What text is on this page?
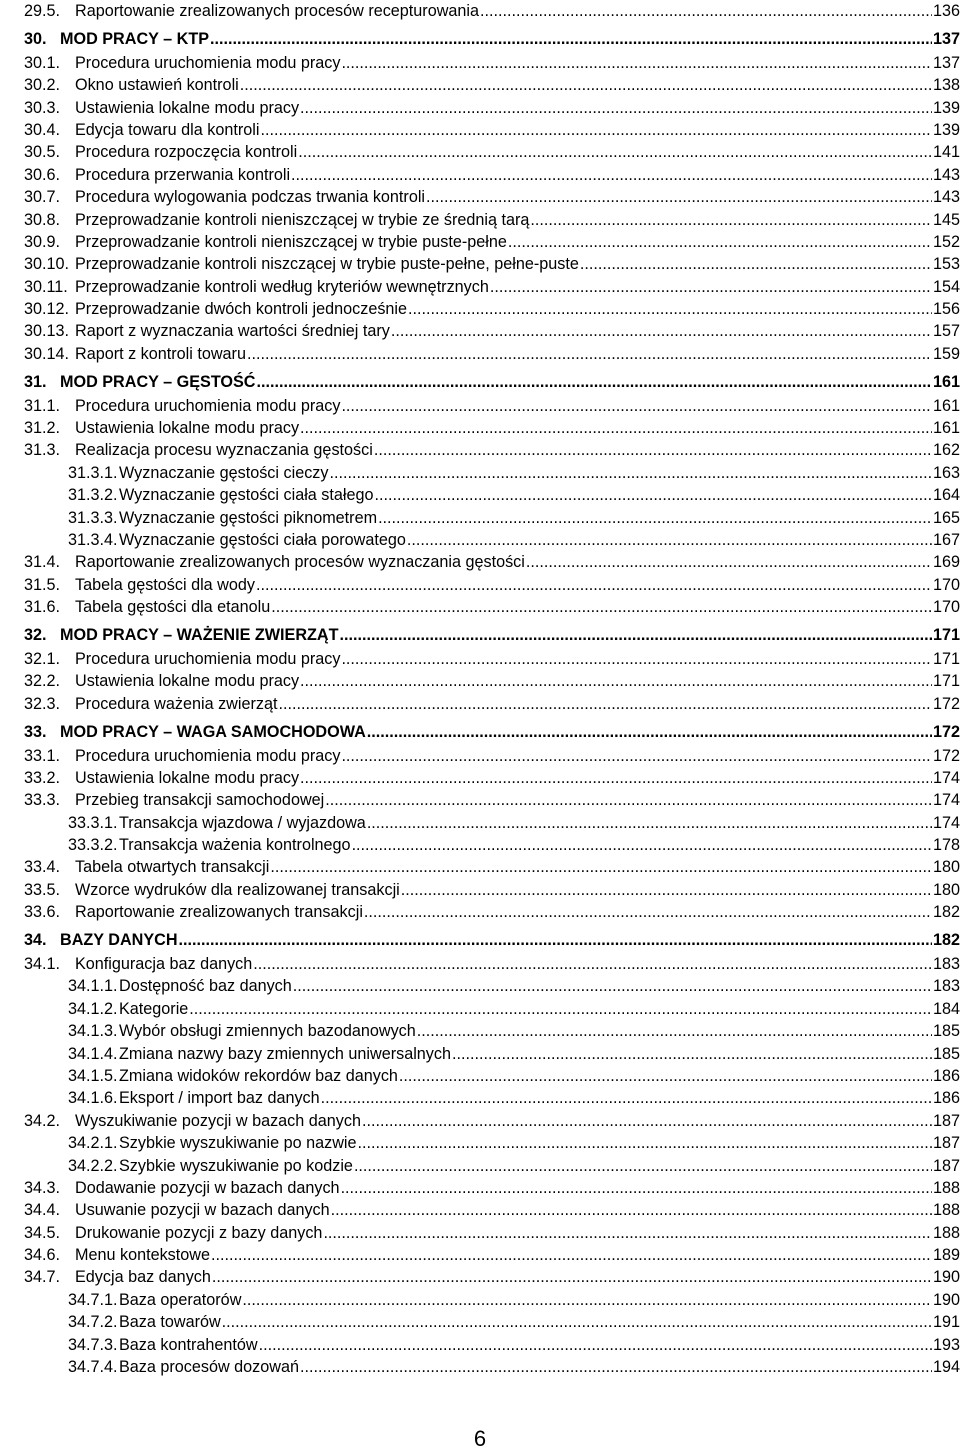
29.5. Raportowanie zrealizowanych procesów recepturowania .....	136
30. MOD PRACY – KTP .....	137
30.1. Procedura uruchomienia modu pracy .....	137
30.2. Okno ustawień kontroli .....	138
30.3. Ustawienia lokalne modu pracy .....	139
30.4. Edycja towaru dla kontroli .....	139
30.5. Procedura rozpoczęcia kontroli .....	141
30.6. Procedura przerwania kontroli .....	143
30.7. Procedura wylogowania podczas trwania kontroli .....	143
30.8. Przeprowadzanie kontroli nieniszczącej w trybie ze średnią tarą .....	145
30.9. Przeprowadzanie kontroli nieniszczącej w trybie puste-pełne .....	152
30.10. Przeprowadzanie kontroli niszczącej w trybie puste-pełne, pełne-puste .....	153
30.11. Przeprowadzanie kontroli według kryteriów wewnętrznych .....	154
30.12. Przeprowadzanie dwóch kontroli jednocześnie .....	156
30.13. Raport z wyznaczania wartości średniej tary .....	157
30.14. Raport z kontroli towaru .....	159
31. MOD PRACY – GĘSTOŚĆ .....	161
31.1. Procedura uruchomienia modu pracy .....	161
31.2. Ustawienia lokalne modu pracy .....	161
31.3. Realizacja procesu wyznaczania gęstości .....	162
31.3.1. Wyznaczanie gęstości cieczy .....	163
31.3.2. Wyznaczanie gęstości ciała stałego .....	164
31.3.3. Wyznaczanie gęstości piknometrem .....	165
31.3.4. Wyznaczanie gęstości ciała porowatego .....	167
31.4. Raportowanie zrealizowanych procesów wyznaczania gęstości .....	169
31.5. Tabela gęstości dla wody .....	170
31.6. Tabela gęstości dla etanolu .....	170
32. MOD PRACY – WAŻENIE ZWIERZĄT .....	171
32.1. Procedura uruchomienia modu pracy .....	171
32.2. Ustawienia lokalne modu pracy .....	171
32.3. Procedura ważenia zwierząt .....	172
33. MOD PRACY – WAGA SAMOCHODOWA .....	172
33.1. Procedura uruchomienia modu pracy .....	172
33.2. Ustawienia lokalne modu pracy .....	174
33.3. Przebieg transakcji samochodowej .....	174
33.3.1. Transakcja wjazdowa / wyjazdowa .....	174
33.3.2. Transakcja ważenia kontrolnego .....	178
33.4. Tabela otwartych transakcji .....	180
33.5. Wzorce wydruków dla realizowanej transakcji .....	180
33.6. Raportowanie zrealizowanych transakcji .....	182
34. BAZY DANYCH .....	182
34.1. Konfiguracja baz danych .....	183
34.1.1. Dostępność baz danych .....	183
34.1.2. Kategorie .....	184
34.1.3. Wybór obsługi zmiennych bazodanowych .....	185
34.1.4. Zmiana nazwy bazy zmiennych uniwersalnych .....	185
34.1.5. Zmiana widoków rekordów baz danych .....	186
34.1.6. Eksport / import baz danych .....	186
34.2. Wyszukiwanie pozycji w bazach danych .....	187
34.2.1. Szybkie wyszukiwanie po nazwie .....	187
34.2.2. Szybkie wyszukiwanie po kodzie .....	187
34.3. Dodawanie pozycji w bazach danych .....	188
34.4. Usuwanie pozycji w bazach danych .....	188
34.5. Drukowanie pozycji z bazy danych .....	188
34.6. Menu kontekstowe .....	189
34.7. Edycja baz danych .....	190
34.7.1. Baza operatorów .....	190
34.7.2. Baza towarów .....	191
34.7.3. Baza kontrahentów .....	193
34.7.4. Baza procesów dozowań .....	194
6
